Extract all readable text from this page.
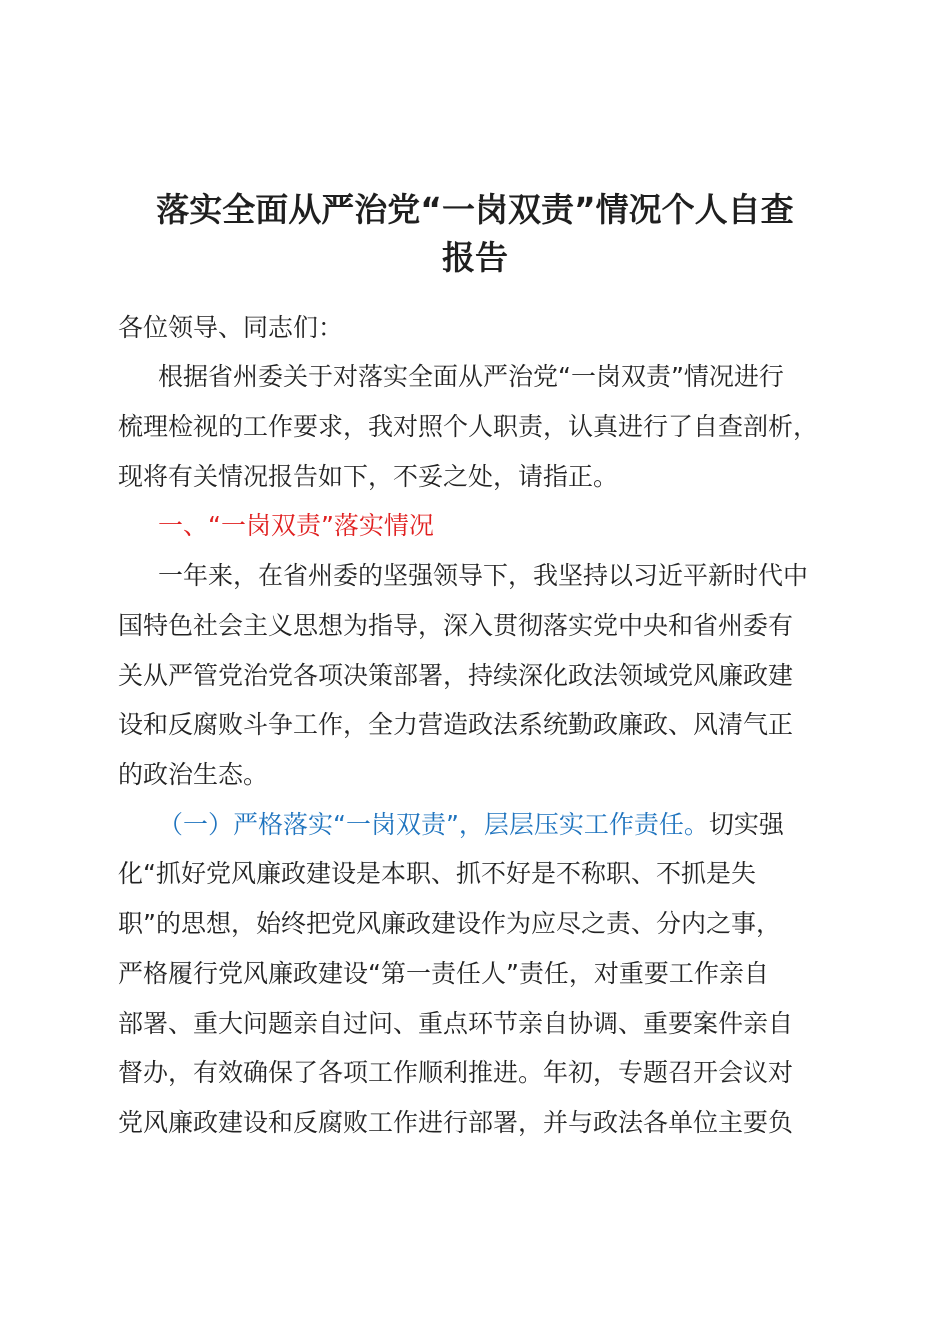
落实全面从严治党“一岗双责”情况个人自查
报告
各位领导、同志们：
根据省州委关于对落实全面从严治党“一岗双责”情况进行
梳理检视的工作要求，我对照个人职责，认真进行了自查剖析，
现将有关情况报告如下，不妥之处，请指正。
一、“一岗双责”落实情况
一年来，在省州委的坚强领导下，我坚持以习近平新时代中
国特色社会主义思想为指导，深入贯彻落实党中央和省州委有
关从严管党治党各项决策部署，持续深化政法领域党风廉政建
设和反腐败斗争工作，全力营造政法系统勤政廉政、风清气正
的政治生态。
（一）严格落实“一岗双责”，层层压实工作责任。切实强
化“抓好党风廉政建设是本职、抓不好是不称职、不抓是失
职”的思想，始终把党风廉政建设作为应尽之责、分内之事，
严格履行党风廉政建设“第一责任人”责任，对重要工作亲自
部署、重大问题亲自过问、重点环节亲自协调、重要案件亲自
督办，有效确保了各项工作顺利推进。年初，专题召开会议对
党风廉政建设和反腐败工作进行部署，并与政法各单位主要负
